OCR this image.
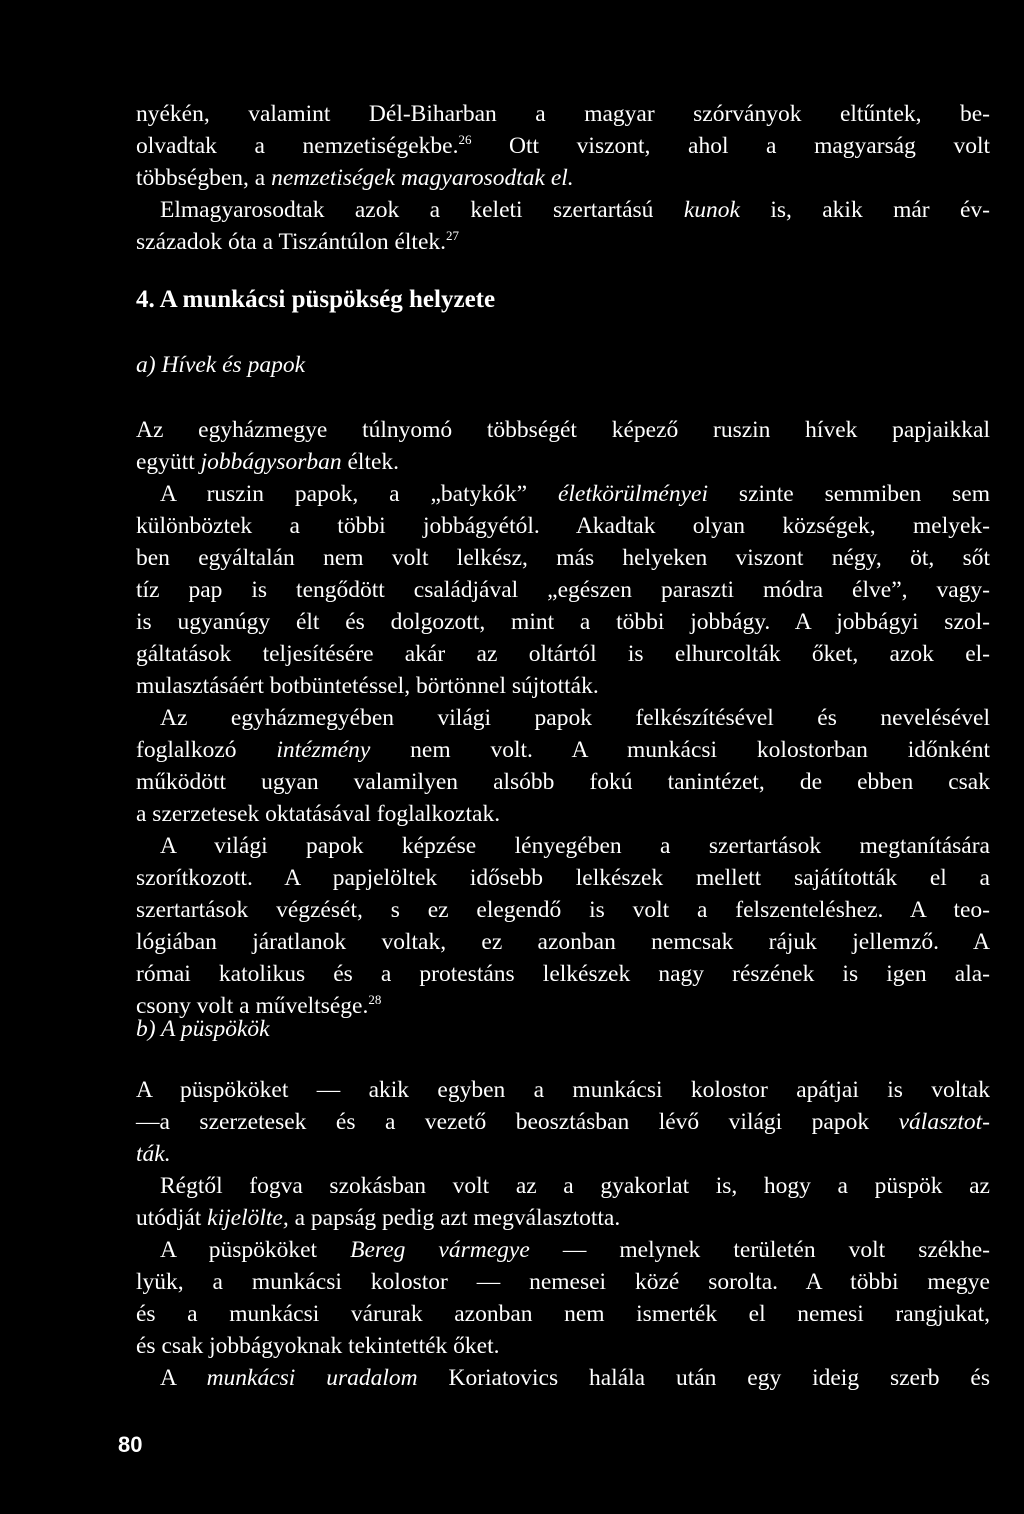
nyékén, valamint Dél-Biharban a magyar szórványok eltűntek, be-
olvadtak a nemzetiségekbe.$^{26}$ Ott viszont, ahol a magyarság volt
többségben, a nemzetiségek magyarosodtak el.
Elmagyarosodtak azok a keleti szertartású kunok is, akik már év-
századok óta a Tiszántúlon éltek.$^{27}$
4. A munkácsi püspökség helyzete
a) Hívek és papok
Az egyházmegye túlnyomó többségét képező ruszin hívek papjaikkal
együtt jobbágysorban éltek.
A ruszin papok, a „batykók” életkörülményei szinte semmiben sem
különböztek a többi jobbágyétól. Akadtak olyan községek, melyek-
ben egyáltalán nem volt lelkész, más helyeken viszont négy, öt, sőt
tíz pap is tengődött családjával „egészen paraszti módra élve”, vagy-
is ugyanúgy élt és dolgozott, mint a többi jobbágy. A jobbágyi szol-
gáltatások teljesítésére akár az oltártól is elhurcolták őket, azok el-
mulasztásáért botbüntetéssel, börtönnel sújtották.
Az egyházmegyében világi papok felkészítésével és nevelésével
foglalkozó intézmény nem volt. A munkácsi kolostorban időnként
működött ugyan valamilyen alsóbb fokú tanintézet, de ebben csak
a szerzetesek oktatásával foglalkoztak.
A világi papok képzése lényegében a szertartások megtanítására
szorítkozott. A papjelöltek idősebb lelkészek mellett sajátították el a
szertartások végzését, s ez elegendő is volt a felszenteléshez. A teo-
lógiában járatlanok voltak, ez azonban nemcsak rájuk jellemző. A
római katolikus és a protestáns lelkészek nagy részének is igen ala-
csony volt a műveltsége.$^{28}$
b) A püspökök
A püspököket — akik egyben a munkácsi kolostor apátjai is voltak
—a szerzetesek és a vezető beosztásban lévő világi papok választot-
ták.
Régtől fogva szokásban volt az a gyakorlat is, hogy a püspök az
utódját kijelölte, a papság pedig azt megválasztotta.
A püspököket Bereg vármegye — melynek területén volt székhe-
lyük, a munkácsi kolostor — nemesei közé sorolta. A többi megye
és a munkácsi várurak azonban nem ismerték el nemesi rangjukat,
és csak jobbágyoknak tekintették őket.
A munkácsi uradalom Koriatovics halála után egy ideig szerb és
80
